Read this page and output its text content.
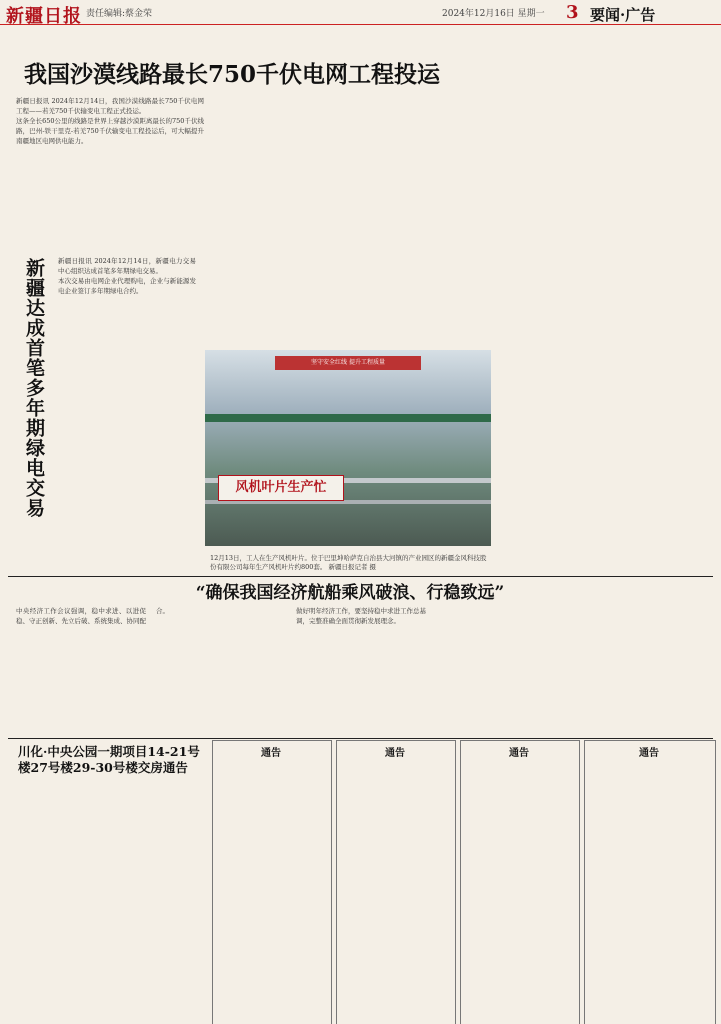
新疆日报 责任编辑:蔡金荣	2024年12月16日 星期一 3 要闻·广告
我国沙漠线路最长750千伏电网工程投运

新疆日报讯 2024年12月14日，我国沙漠线路最长750千伏电网工程——若羌750千伏输变电工程正式投运。

这条全长650公里的线路是世界上穿越沙漠距离最长的750千伏线路，巴州-铁干里克-若羌750千伏输变电工程投运后，可大幅提升南疆地区电网供电能力。

新疆达成首笔多年期绿电交易	新疆日报讯 2024年12月14日，新疆电力交易中心组织达成首笔多年期绿电交易。

本次交易由电网企业代理购电，企业与新能源发电企业签订多年期绿电合约。

坚守安全红线 提升工程质量
风机叶片生产忙
12月13日，工人在生产风机叶片。位于巴里坤哈萨克自治县大河镇的产业园区的新疆金风科技股份有限公司每年生产风机叶片约800套。 新疆日报记者 摄
“确保我国经济航船乘风破浪、行稳致远”

中央经济工作会议强调，稳中求进、以进促稳、守正创新、先立后破、系统集成、协同配合。	做好明年经济工作，要坚持稳中求进工作总基调，完整准确全面贯彻新发展理念。

川化·中央公园一期项目14-21号楼27号楼29-30号楼交房通告
通告	通告	通告	通告
